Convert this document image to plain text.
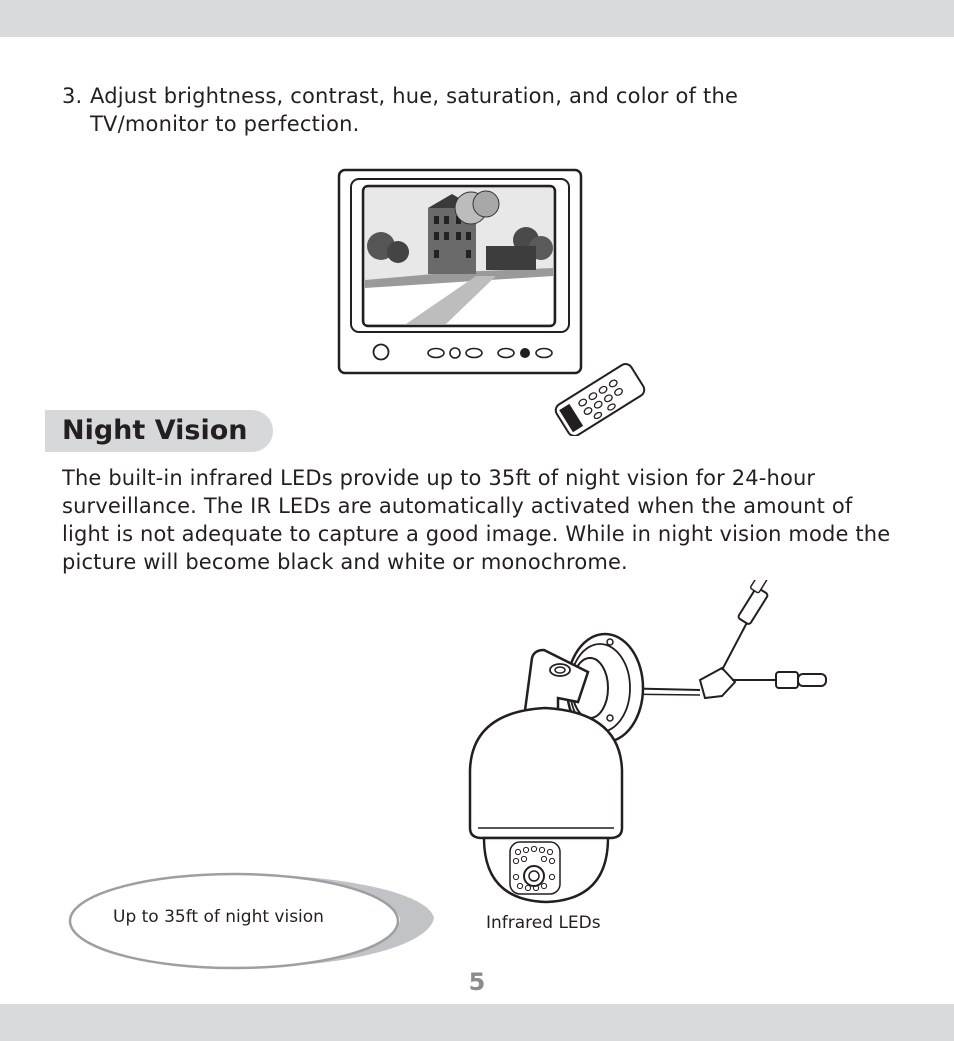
3. Adjust brightness, contrast, hue, saturation, and color of the
TV/monitor to perfection.
Night Vision
The built-in infrared LEDs provide up to 35ft of night vision for 24-hour surveillance. The IR LEDs are automatically activated when the amount of light is not adequate to capture a good image. While in night vision mode the picture will become black and white or monochrome.
Up to 35ft of night vision	Infrared LEDs
5
